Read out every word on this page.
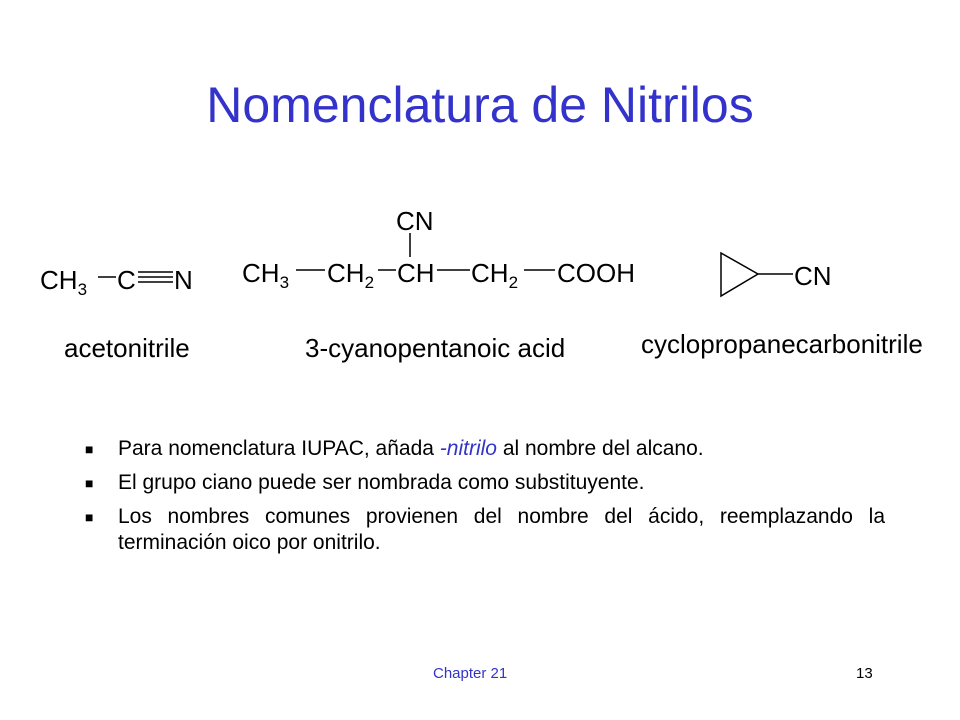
Nomenclatura de Nitrilos
$CH_3$ C N
acetonitrile
CN
$CH_3$ $CH_2$ CH $CH_2$ COOH
3-cyanopentanoic acid
CN
cyclopropanecarbonitrile
■ Para nomenclatura IUPAC, añada -nitrilo al nombre del alcano.
■ El grupo ciano puede ser nombrada como substituyente.
■ Los nombres comunes provienen del nombre del ácido, reemplazando la terminación oico por onitrilo.
Chapter 21	13
